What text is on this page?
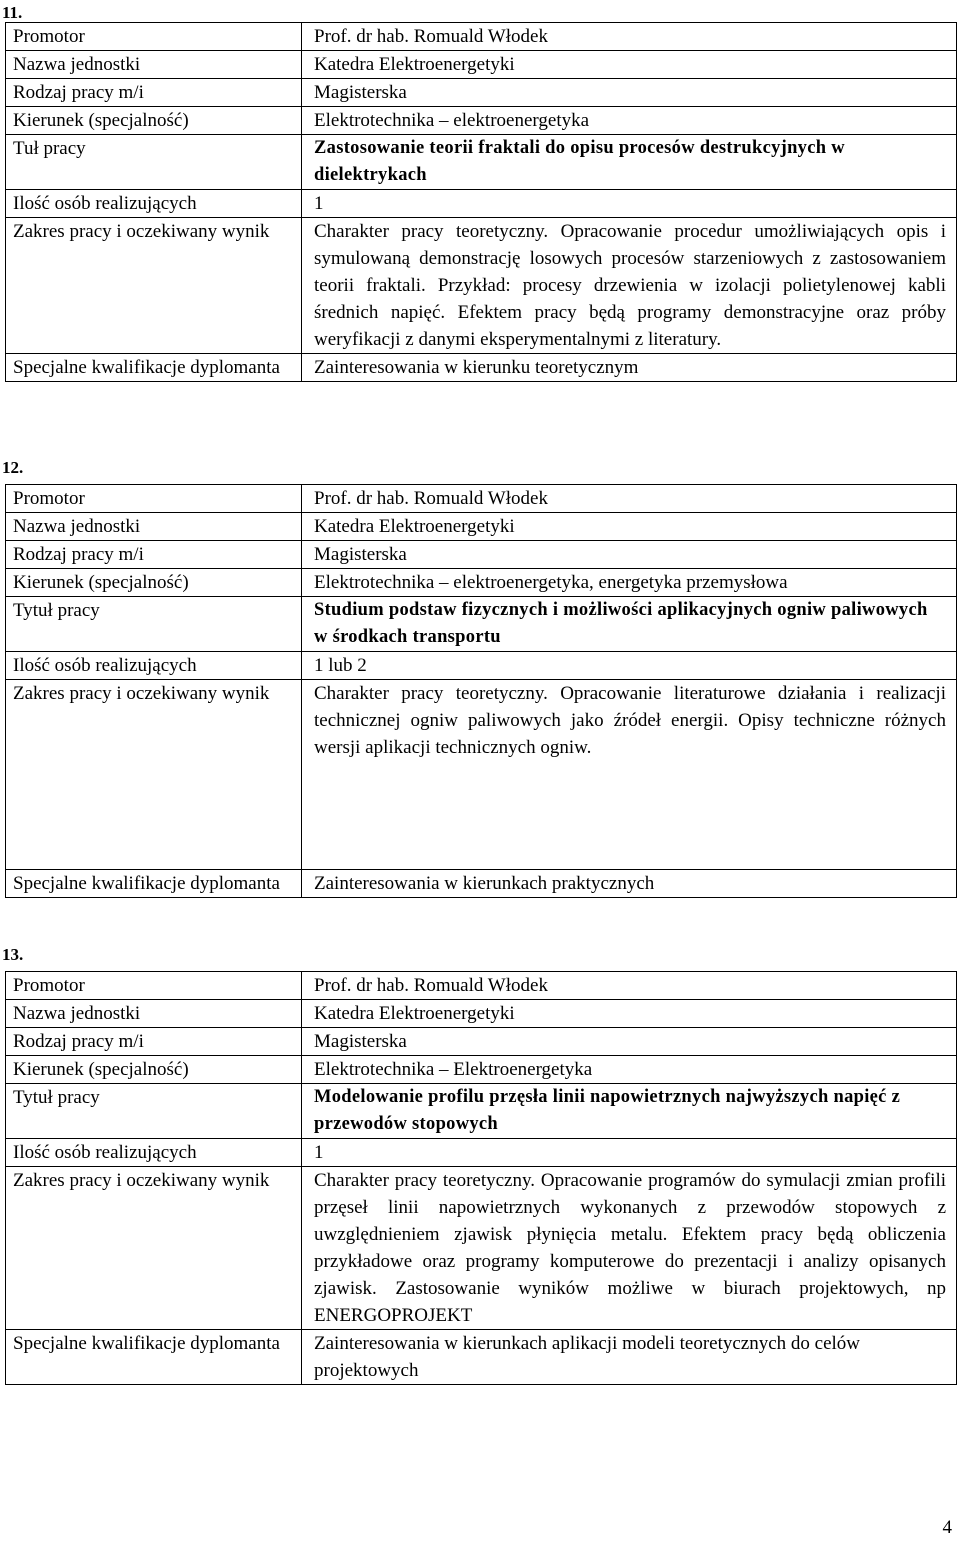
11.
Promotor	Prof. dr hab. Romuald Włodek
Nazwa jednostki	Katedra Elektroenergetyki
Rodzaj pracy m/i	Magisterska
Kierunek (specjalność)	Elektrotechnika – elektroenergetyka
Tuł pracy	Zastosowanie teorii fraktali do opisu procesów destrukcyjnych w dielektrykach
Ilość osób realizujących	1
Zakres pracy i oczekiwany wynik	Charakter pracy teoretyczny. Opracowanie procedur umożliwiających opis i symulowaną demonstrację losowych procesów starzeniowych z zastosowaniem teorii fraktali. Przykład: procesy drzewienia w izolacji polietylenowej kabli średnich napięć. Efektem pracy będą programy demonstracyjne oraz próby weryfikacji z danymi eksperymentalnymi z literatury.
Specjalne kwalifikacje dyplomanta	Zainteresowania w kierunku teoretycznym
12.
Promotor	Prof. dr hab. Romuald Włodek
Nazwa jednostki	Katedra Elektroenergetyki
Rodzaj pracy m/i	Magisterska
Kierunek (specjalność)	Elektrotechnika – elektroenergetyka, energetyka przemysłowa
Tytuł pracy	Studium podstaw fizycznych i możliwości aplikacyjnych ogniw paliwowych w środkach transportu
Ilość osób realizujących	1 lub 2
Zakres pracy i oczekiwany wynik	Charakter pracy teoretyczny. Opracowanie literaturowe działania i realizacji technicznej ogniw paliwowych jako źródeł energii. Opisy techniczne różnych wersji aplikacji technicznych ogniw.
Specjalne kwalifikacje dyplomanta	Zainteresowania w kierunkach praktycznych
13.
Promotor	Prof. dr hab. Romuald Włodek
Nazwa jednostki	Katedra Elektroenergetyki
Rodzaj pracy m/i	Magisterska
Kierunek (specjalność)	Elektrotechnika – Elektroenergetyka
Tytuł pracy	Modelowanie profilu przęsła linii napowietrznych najwyższych napięć z przewodów stopowych
Ilość osób realizujących	1
Zakres pracy i oczekiwany wynik	Charakter pracy teoretyczny. Opracowanie programów do symulacji zmian profili przęseł linii napowietrznych wykonanych z przewodów stopowych z uwzględnieniem zjawisk płynięcia metalu. Efektem pracy będą obliczenia przykładowe oraz programy komputerowe do prezentacji i analizy opisanych zjawisk. Zastosowanie wyników możliwe w biurach projektowych, np ENERGOPROJEKT
Specjalne kwalifikacje dyplomanta	Zainteresowania w kierunkach aplikacji modeli teoretycznych do celów projektowych
4
